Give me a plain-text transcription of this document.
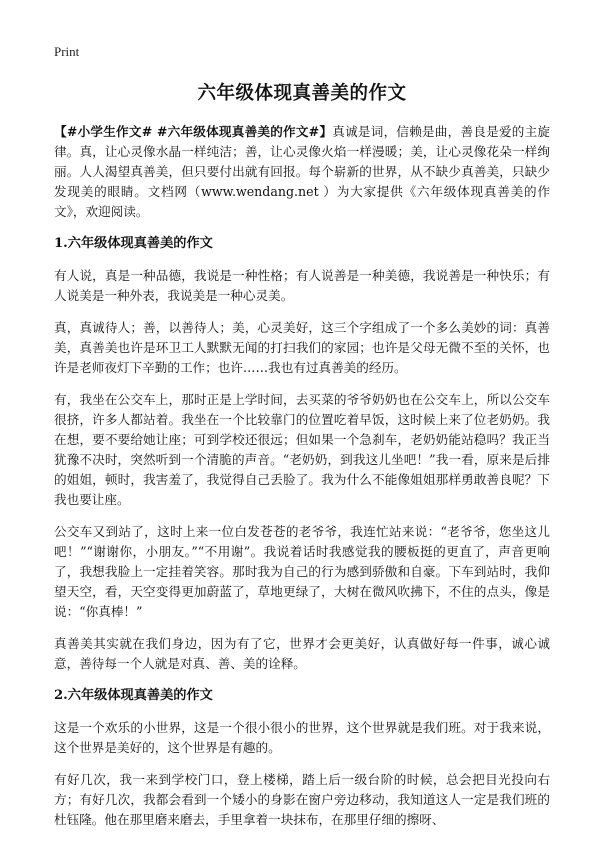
Print
六年级体现真善美的作文

【#小学生作文# #六年级体现真善美的作文#】真诚是词，信赖是曲，善良是爱的主旋律。真，让心灵像水晶一样纯洁；善，让心灵像火焰一样漫暖；美，让心灵像花朵一样绚丽。人人渴望真善美，但只要付出就有回报。每个崭新的世界，从不缺少真善美，只缺少发现美的眼睛。文档网（www.wendang.net ）为大家提供《六年级体现真善美的作文》，欢迎阅读。

1.六年级体现真善美的作文

有人说，真是一种品德，我说是一种性格；有人说善是一种美德，我说善是一种快乐；有人说美是一种外表，我说美是一种心灵美。

真，真诚待人；善，以善待人；美，心灵美好，这三个字组成了一个多么美妙的词：真善美，真善美也许是环卫工人默默无闻的打扫我们的家园；也许是父母无微不至的关怀，也许是老师夜灯下辛勤的工作；也许……我也有过真善美的经历。

有，我坐在公交车上，那时正是上学时间，去买菜的爷爷奶奶也在公交车上，所以公交车很挤，许多人都站着。我坐在一个比较靠门的位置吃着早饭，这时候上来了位老奶奶。我在想，要不要给她让座；可到学校还很远；但如果一个急刹车，老奶奶能站稳吗？我正当犹豫不决时，突然听到一个清脆的声音。“老奶奶，到我这儿坐吧！”我一看，原来是后排的姐姐，顿时，我害羞了，我觉得自己丢脸了。我为什么不能像姐姐那样勇敢善良呢？下我也要让座。

公交车又到站了，这时上来一位白发苍苍的老爷爷，我连忙站来说：“老爷爷，您坐这儿吧！”“谢谢你，小朋友。”“不用谢”。我说着话时我感觉我的腰板挺的更直了，声音更响了，我想我脸上一定挂着笑容。那时我为自己的行为感到骄傲和自豪。下车到站时，我仰望天空，看，天空变得更加蔚蓝了，草地更绿了，大树在微风吹拂下，不住的点头，像是说：“你真棒！”

真善美其实就在我们身边，因为有了它，世界才会更美好，认真做好每一件事，诚心诚意，善待每一个人就是对真、善、美的诠释。

2.六年级体现真善美的作文

这是一个欢乐的小世界，这是一个很小很小的世界，这个世界就是我们班。对于我来说，这个世界是美好的，这个世界是有趣的。

有好几次，我一来到学校门口，登上楼梯，踏上后一级台阶的时候，总会把目光投向右方；有好几次，我都会看到一个矮小的身影在窗户旁边移动，我知道这人一定是我们班的杜钰隆。他在那里磨来磨去，手里拿着一块抹布，在那里仔细的擦呀、
